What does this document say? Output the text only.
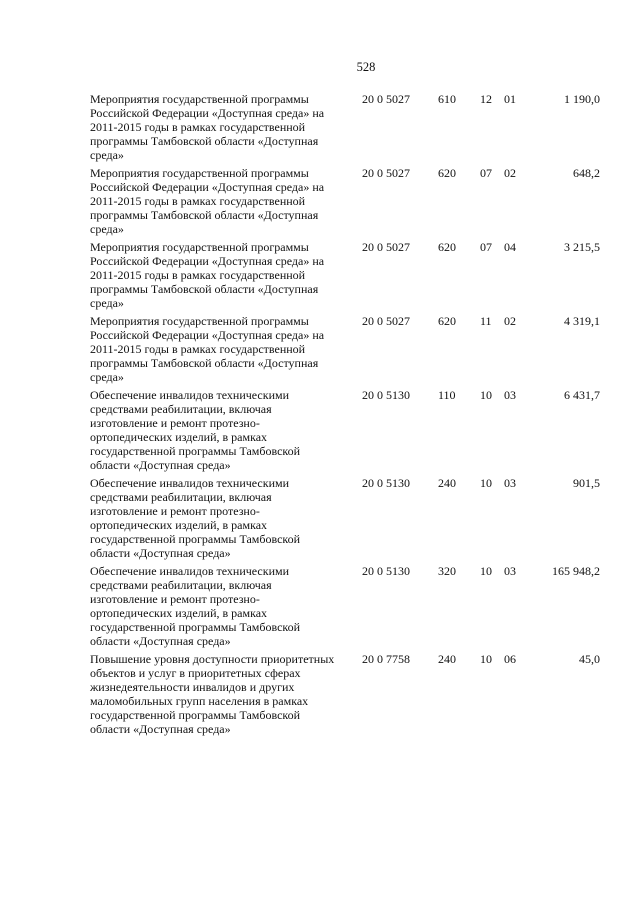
528
Мероприятия государственной программы Российской Федерации «Доступная среда» на 2011-2015 годы в рамках государственной программы Тамбовской области «Доступная среда»
20 0 5027	610	12	01	1 190,0
Мероприятия государственной программы Российской Федерации «Доступная среда» на 2011-2015 годы в рамках государственной программы Тамбовской области «Доступная среда»
20 0 5027	620	07	02	648,2
Мероприятия государственной программы Российской Федерации «Доступная среда» на 2011-2015 годы в рамках государственной программы Тамбовской области «Доступная среда»
20 0 5027	620	07	04	3 215,5
Мероприятия государственной программы Российской Федерации «Доступная среда» на 2011-2015 годы в рамках государственной программы Тамбовской области «Доступная среда»
20 0 5027	620	11	02	4 319,1
Обеспечение инвалидов техническими средствами реабилитации, включая изготовление и ремонт протезно-ортопедических изделий, в рамках государственной программы Тамбовской области «Доступная среда»
20 0 5130	110	10	03	6 431,7
Обеспечение инвалидов техническими средствами реабилитации, включая изготовление и ремонт протезно-ортопедических изделий, в рамках государственной программы Тамбовской области «Доступная среда»
20 0 5130	240	10	03	901,5
Обеспечение инвалидов техническими средствами реабилитации, включая изготовление и ремонт протезно-ортопедических изделий, в рамках государственной программы Тамбовской области «Доступная среда»
20 0 5130	320	10	03	165 948,2
Повышение уровня доступности приоритетных объектов и услуг в приоритетных сферах жизнедеятельности инвалидов и других маломобильных групп населения в рамках государственной программы Тамбовской области «Доступная среда»
20 0 7758	240	10	06	45,0
